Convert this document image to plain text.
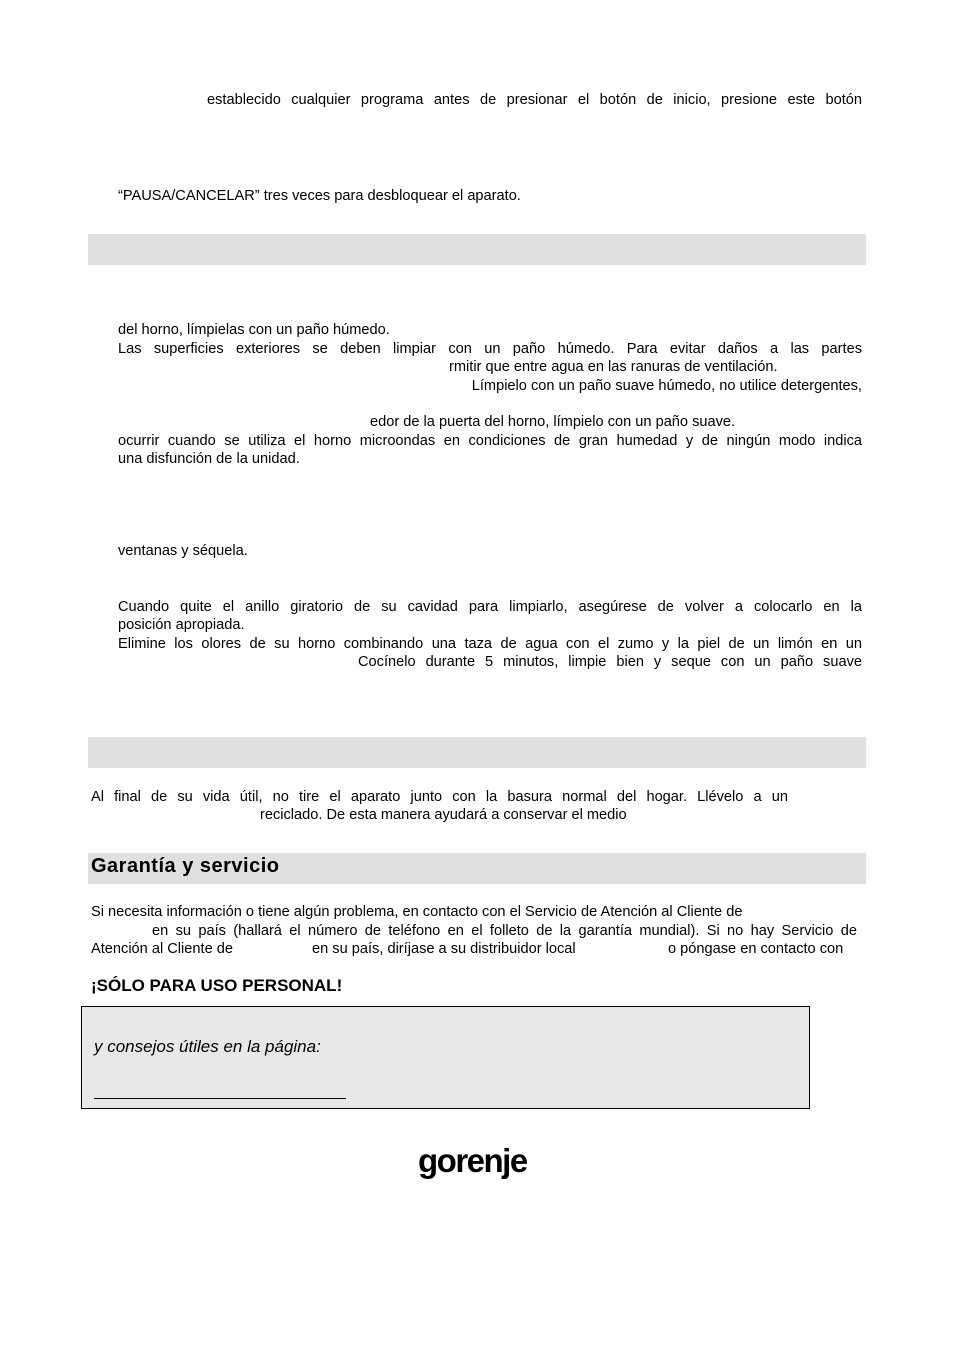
establecido cualquier programa antes de presionar el botón de inicio, presione este botón
“PAUSA/CANCELAR” tres veces para desbloquear el aparato.
del horno, límpielas con un paño húmedo.
Las superficies exteriores se deben limpiar con un paño húmedo. Para evitar daños a las partes
rmitir que entre agua en las ranuras de ventilación.
Límpielo con un paño suave húmedo, no utilice detergentes,
edor de la puerta del horno, límpielo con un paño suave.
ocurrir cuando se utiliza el horno microondas en condiciones de gran humedad y de ningún modo indica
una disfunción de la unidad.
ventanas y séquela.
Cuando quite el anillo giratorio de su cavidad para limpiarlo, asegúrese de volver a colocarlo en la
posición apropiada.
Elimine los olores de su horno combinando una taza de agua con el zumo y la piel de un limón en un
Cocínelo durante 5 minutos, limpie bien y seque con un paño suave
Al final de su vida útil, no tire el aparato junto con la basura normal del hogar. Llévelo a un
reciclado. De esta manera ayudará a conservar el medio
Garantía y servicio
Si necesita información o tiene algún problema, en contacto con el Servicio de Atención al Cliente de
en su país (hallará el número de teléfono en el folleto de la garantía mundial). Si no hay Servicio de
Atención al Cliente de	en su país, diríjase a su distribuidor local	o póngase en contacto con
¡SÓLO PARA USO PERSONAL!
y consejos útiles en la página:
gorenje
